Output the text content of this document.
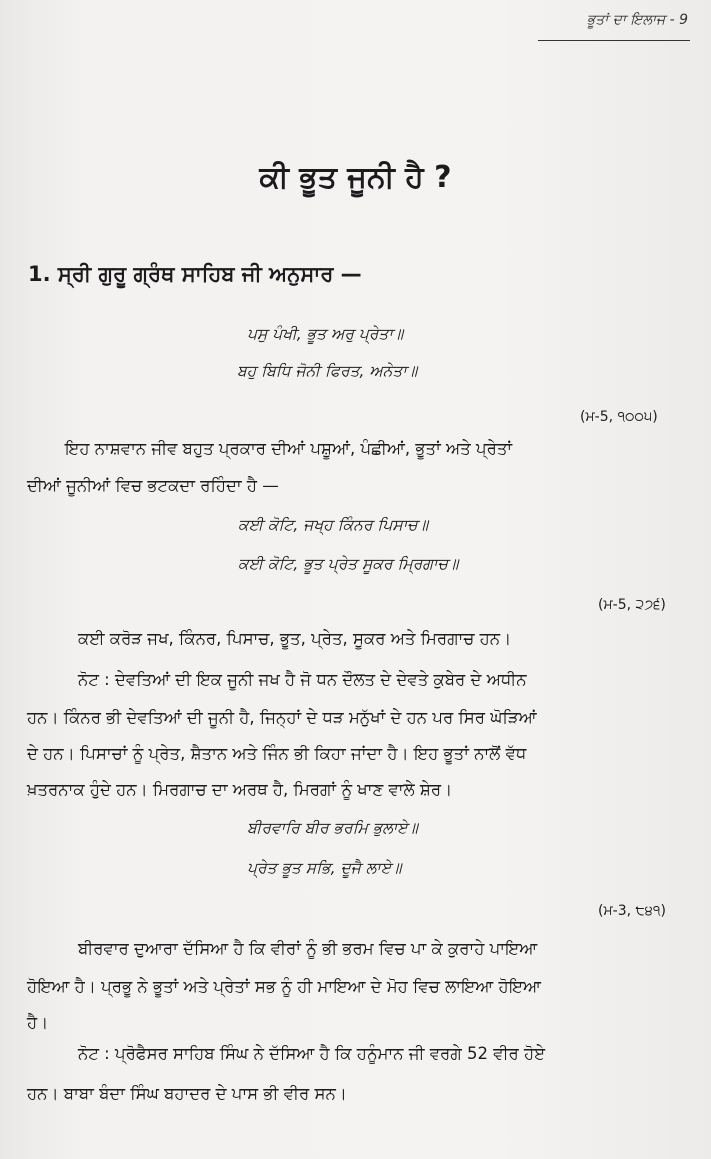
ਭੂਤਾਂ ਦਾ ਇਲਾਜ - 9
ਕੀ ਭੂਤ ਜੂਨੀ ਹੈ ?
1. ਸ੍ਰੀ ਗੁਰੂ ਗ੍ਰੰਥ ਸਾਹਿਬ ਜੀ ਅਨੁਸਾਰ —
ਪਸੁ ਪੰਖੀ, ਭੂਤ ਅਰੁ ਪ੍ਰੇਤਾ॥
ਬਹੁ ਬਿਧਿ ਜੋਨੀ ਫਿਰਤ, ਅਨੇਤਾ॥
(ਮ-5, ੧੦੦੫)
ਇਹ ਨਾਸ਼ਵਾਨ ਜੀਵ ਬਹੁਤ ਪ੍ਰਕਾਰ ਦੀਆਂ ਪਸ਼ੂਆਂ, ਪੰਛੀਆਂ, ਭੂਤਾਂ ਅਤੇ ਪ੍ਰੇਤਾਂ
ਦੀਆਂ ਜੂਨੀਆਂ ਵਿਚ ਭਟਕਦਾ ਰਹਿੰਦਾ ਹੈ —
ਕਈ ਕੋਟਿ, ਜਖ੍ਹ ਕਿੰਨਰ ਪਿਸਾਚ॥
ਕਈ ਕੋਟਿ, ਭੂਤ ਪ੍ਰੇਤ ਸੂਕਰ ਮ੍ਰਿਗਾਚ॥
(ਮ-5, ੨੭੬)
ਕਈ ਕਰੋੜ ਜਖ, ਕਿੰਨਰ, ਪਿਸਾਚ, ਭੂਤ, ਪ੍ਰੇਤ, ਸੂਕਰ ਅਤੇ ਮਿਰਗਾਚ ਹਨ।
ਨੋਟ : ਦੇਵਤਿਆਂ ਦੀ ਇਕ ਜੂਨੀ ਜਖ ਹੈ ਜੋ ਧਨ ਦੌਲਤ ਦੇ ਦੇਵਤੇ ਕੁਬੇਰ ਦੇ ਅਧੀਨ
ਹਨ। ਕਿੰਨਰ ਭੀ ਦੇਵਤਿਆਂ ਦੀ ਜੂਨੀ ਹੈ, ਜਿਨ੍ਹਾਂ ਦੇ ਧੜ ਮਨੁੱਖਾਂ ਦੇ ਹਨ ਪਰ ਸਿਰ ਘੋੜਿਆਂ
ਦੇ ਹਨ। ਪਿਸਾਚਾਂ ਨੂੰ ਪ੍ਰੇਤ, ਸ਼ੈਤਾਨ ਅਤੇ ਜਿੰਨ ਭੀ ਕਿਹਾ ਜਾਂਦਾ ਹੈ। ਇਹ ਭੂਤਾਂ ਨਾਲੋਂ ਵੱਧ
ਖ਼ਤਰਨਾਕ ਹੁੰਦੇ ਹਨ। ਮਿਰਗਾਚ ਦਾ ਅਰਥ ਹੈ, ਮਿਰਗਾਂ ਨੂੰ ਖਾਣ ਵਾਲੇ ਸ਼ੇਰ।
ਬੀਰਵਾਰਿ ਬੀਰ ਭਰਮਿ ਭੁਲਾਏ॥
ਪ੍ਰੇਤ ਭੂਤ ਸਭਿ, ਦੂਜੈ ਲਾਏ॥
(ਮ-3, ੮੪੧)
ਬੀਰਵਾਰ ਦੁਆਰਾ ਦੱਸਿਆ ਹੈ ਕਿ ਵੀਰਾਂ ਨੂੰ ਭੀ ਭਰਮ ਵਿਚ ਪਾ ਕੇ ਕੁਰਾਹੇ ਪਾਇਆ
ਹੋਇਆ ਹੈ। ਪ੍ਰਭੂ ਨੇ ਭੂਤਾਂ ਅਤੇ ਪ੍ਰੇਤਾਂ ਸਭ ਨੂੰ ਹੀ ਮਾਇਆ ਦੇ ਮੋਹ ਵਿਚ ਲਾਇਆ ਹੋਇਆ
ਹੈ।
ਨੋਟ : ਪ੍ਰੋਫੈਸਰ ਸਾਹਿਬ ਸਿੰਘ ਨੇ ਦੱਸਿਆ ਹੈ ਕਿ ਹਨੂੰਮਾਨ ਜੀ ਵਰਗੇ 52 ਵੀਰ ਹੋਏ
ਹਨ। ਬਾਬਾ ਬੰਦਾ ਸਿੰਘ ਬਹਾਦਰ ਦੇ ਪਾਸ ਭੀ ਵੀਰ ਸਨ।
